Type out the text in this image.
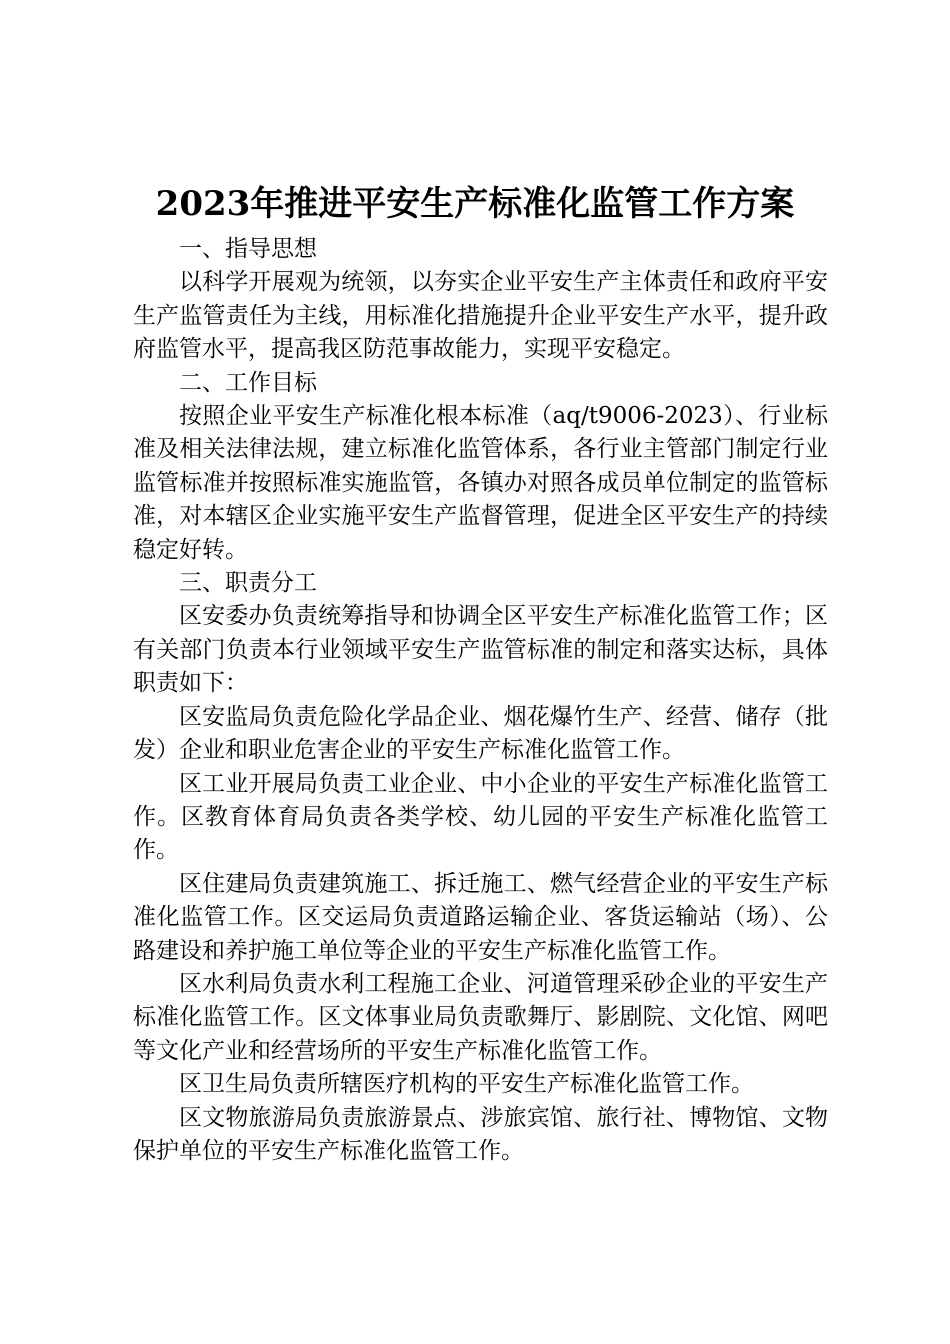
2023年推进平安生产标准化监管工作方案

一、指导思想

以科学开展观为统领，以夯实企业平安生产主体责任和政府平安生产监管责任为主线，用标准化措施提升企业平安生产水平，提升政府监管水平，提高我区防范事故能力，实现平安稳定。

二、工作目标

按照企业平安生产标准化根本标准（aq/t9006-2023）、行业标准及相关法律法规，建立标准化监管体系，各行业主管部门制定行业监管标准并按照标准实施监管，各镇办对照各成员单位制定的监管标准，对本辖区企业实施平安生产监督管理，促进全区平安生产的持续稳定好转。

三、职责分工

区安委办负责统筹指导和协调全区平安生产标准化监管工作；区有关部门负责本行业领域平安生产监管标准的制定和落实达标，具体职责如下：

区安监局负责危险化学品企业、烟花爆竹生产、经营、储存（批发）企业和职业危害企业的平安生产标准化监管工作。

区工业开展局负责工业企业、中小企业的平安生产标准化监管工作。区教育体育局负责各类学校、幼儿园的平安生产标准化监管工作。

区住建局负责建筑施工、拆迁施工、燃气经营企业的平安生产标准化监管工作。区交运局负责道路运输企业、客货运输站（场）、公路建设和养护施工单位等企业的平安生产标准化监管工作。

区水利局负责水利工程施工企业、河道管理采砂企业的平安生产标准化监管工作。区文体事业局负责歌舞厅、影剧院、文化馆、网吧等文化产业和经营场所的平安生产标准化监管工作。

区卫生局负责所辖医疗机构的平安生产标准化监管工作。

区文物旅游局负责旅游景点、涉旅宾馆、旅行社、博物馆、文物保护单位的平安生产标准化监管工作。
